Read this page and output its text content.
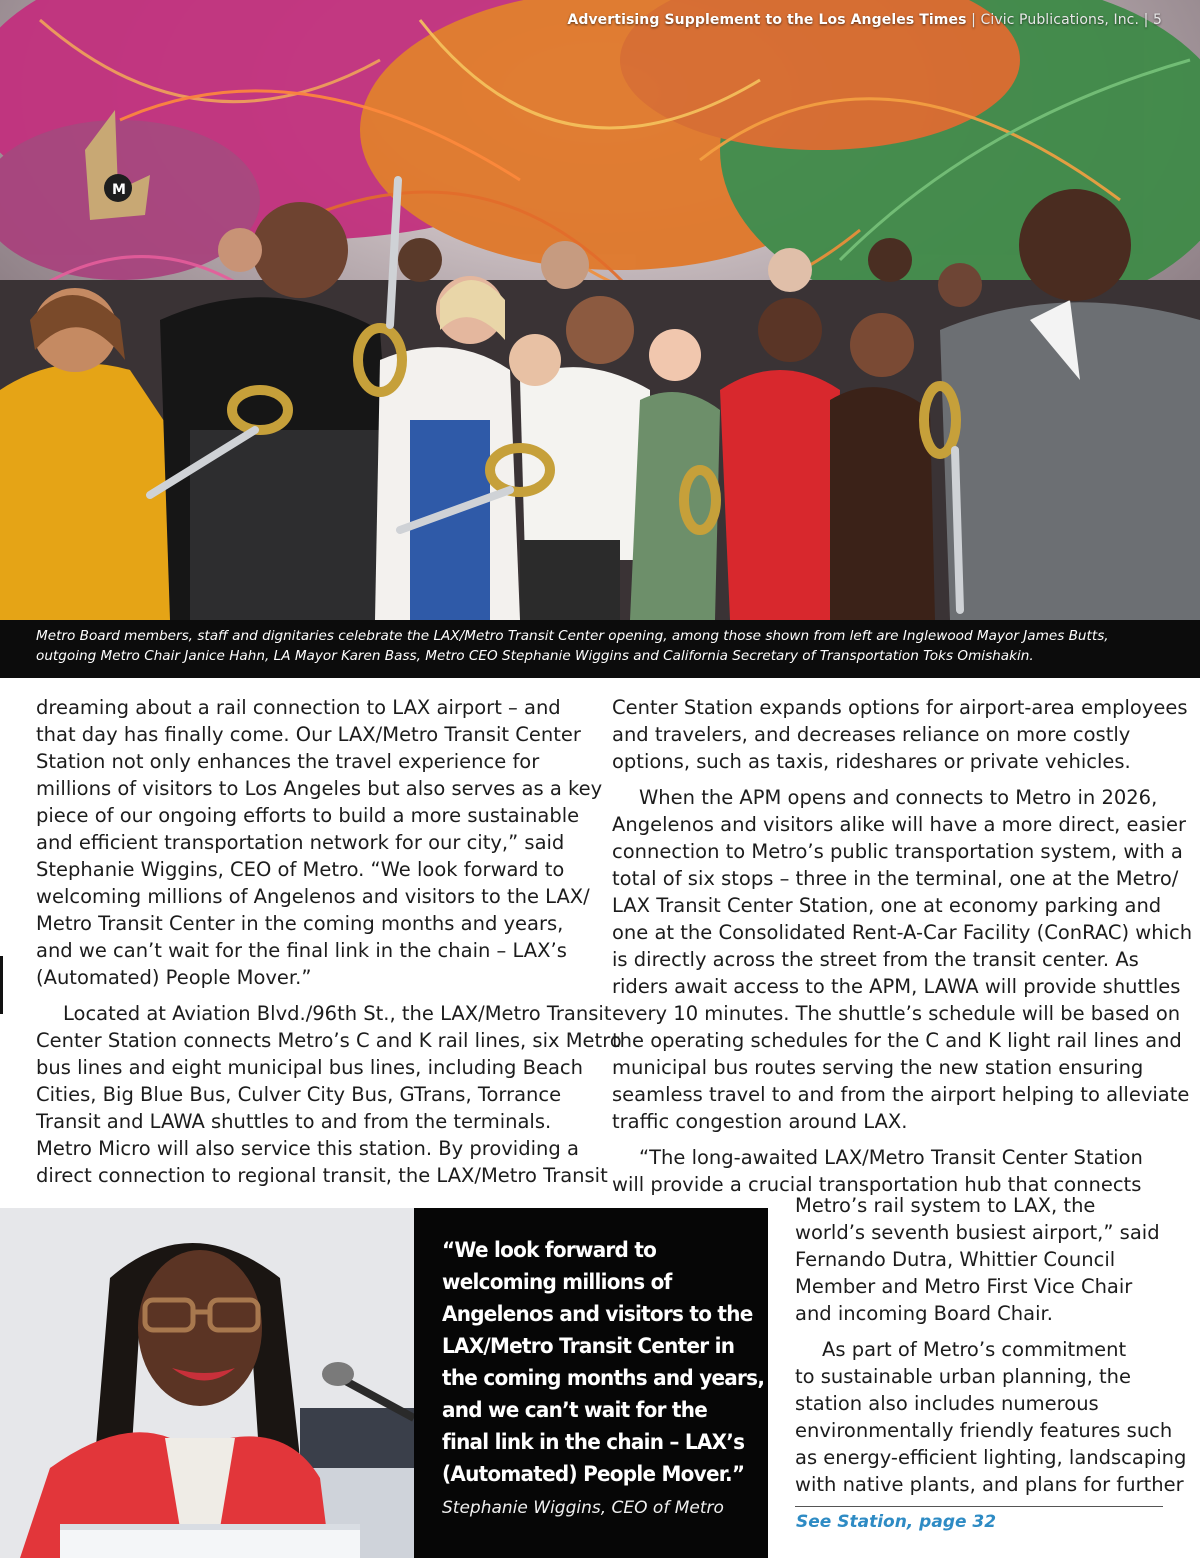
M
Advertising Supplement to the Los Angeles Times | Civic Publications, Inc. | 5
Metro Board members, staff and dignitaries celebrate the LAX/Metro Transit Center opening, among those shown from left are Inglewood Mayor James Butts,
outgoing Metro Chair Janice Hahn, LA Mayor Karen Bass, Metro CEO Stephanie Wiggins and California Secretary of Transportation Toks Omishakin.
dreaming about a rail connection to LAX airport – and
that day has finally come. Our LAX/Metro Transit Center
Station not only enhances the travel experience for
millions of visitors to Los Angeles but also serves as a key
piece of our ongoing efforts to build a more sustainable
and efficient transportation network for our city,” said
Stephanie Wiggins, CEO of Metro. “We look forward to
welcoming millions of Angelenos and visitors to the LAX/
Metro Transit Center in the coming months and years,
and we can’t wait for the final link in the chain – LAX’s
(Automated) People Mover.”
Located at Aviation Blvd./96th St., the LAX/Metro Transit
Center Station connects Metro’s C and K rail lines, six Metro
bus lines and eight municipal bus lines, including Beach
Cities, Big Blue Bus, Culver City Bus, GTrans, Torrance
Transit and LAWA shuttles to and from the terminals.
Metro Micro will also service this station. By providing a
direct connection to regional transit, the LAX/Metro Transit
Center Station expands options for airport-area employees
and travelers, and decreases reliance on more costly
options, such as taxis, rideshares or private vehicles.
When the APM opens and connects to Metro in 2026,
Angelenos and visitors alike will have a more direct, easier
connection to Metro’s public transportation system, with a
total of six stops – three in the terminal, one at the Metro/
LAX Transit Center Station, one at economy parking and
one at the Consolidated Rent-A-Car Facility (ConRAC) which
is directly across the street from the transit center. As
riders await access to the APM, LAWA will provide shuttles
every 10 minutes. The shuttle’s schedule will be based on
the operating schedules for the C and K light rail lines and
municipal bus routes serving the new station ensuring
seamless travel to and from the airport helping to alleviate
traffic congestion around LAX.
“The long-awaited LAX/Metro Transit Center Station
will provide a crucial transportation hub that connects
Metro’s rail system to LAX, the
world’s seventh busiest airport,” said
Fernando Dutra, Whittier Council
Member and Metro First Vice Chair
and incoming Board Chair.
As part of Metro’s commitment
to sustainable urban planning, the
station also includes numerous
environmentally friendly features such
as energy-efficient lighting, landscaping
with native plants, and plans for further
“We look forward to
welcoming millions of
Angelenos and visitors to the
LAX/Metro Transit Center in
the coming months and years,
and we can’t wait for the
final link in the chain – LAX’s
(Automated) People Mover.”
Stephanie Wiggins, CEO of Metro
See Station, page 32
